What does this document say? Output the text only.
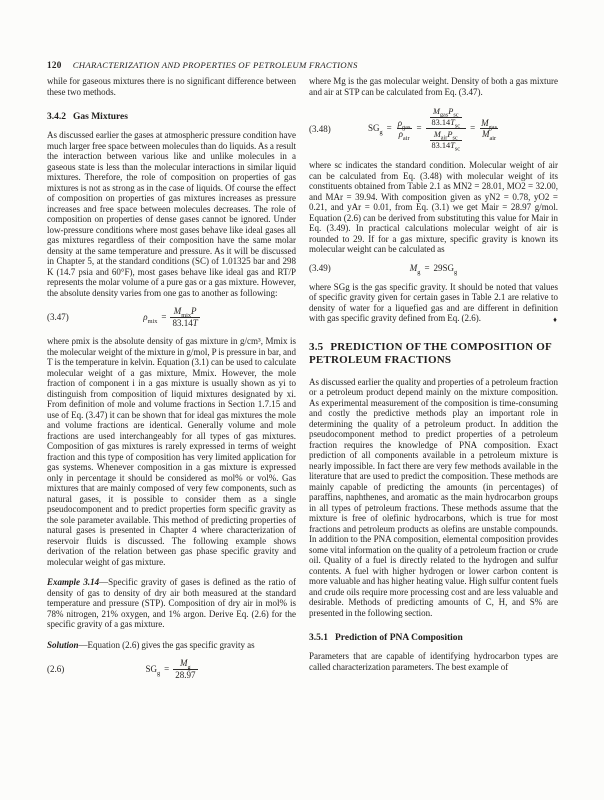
120 CHARACTERIZATION AND PROPERTIES OF PETROLEUM FRACTIONS

while for gaseous mixtures there is no significant difference between these two methods.

3.4.2 Gas Mixtures

As discussed earlier the gases at atmospheric pressure condition have much larger free space between molecules than do liquids. As a result the interaction between various like and unlike molecules in a gaseous state is less than the molecular interactions in similar liquid mixtures. Therefore, the role of composition on properties of gas mixtures is not as strong as in the case of liquids. Of course the effect of composition on properties of gas mixtures increases as pressure increases and free space between molecules decreases. The role of composition on properties of dense gases cannot be ignored. Under low-pressure conditions where most gases behave like ideal gases all gas mixtures regardless of their composition have the same molar density at the same temperature and pressure. As it will be discussed in Chapter 5, at the standard conditions (SC) of 1.01325 bar and 298 K (14.7 psia and 60°F), most gases behave like ideal gas and RT/P represents the molar volume of a pure gas or a gas mixture. However, the absolute density varies from one gas to another as following:

(3.47)	$\rho_{mix} = \frac{M_{mix}P}{83.14T}$

where ρmix is the absolute density of gas mixture in g/cm³, Mmix is the molecular weight of the mixture in g/mol, P is pressure in bar, and T is the temperature in kelvin. Equation (3.1) can be used to calculate molecular weight of a gas mixture, Mmix. However, the mole fraction of component i in a gas mixture is usually shown as yi to distinguish from composition of liquid mixtures designated by xi. From definition of mole and volume fractions in Section 1.7.15 and use of Eq. (3.47) it can be shown that for ideal gas mixtures the mole and volume fractions are identical. Generally volume and mole fractions are used interchangeably for all types of gas mixtures. Composition of gas mixtures is rarely expressed in terms of weight fraction and this type of composition has very limited application for gas systems. Whenever composition in a gas mixture is expressed only in percentage it should be considered as mol% or vol%. Gas mixtures that are mainly composed of very few components, such as natural gases, it is possible to consider them as a single pseudocomponent and to predict properties form specific gravity as the sole parameter available. This method of predicting properties of natural gases is presented in Chapter 4 where characterization of reservoir fluids is discussed. The following example shows derivation of the relation between gas phase specific gravity and molecular weight of gas mixture.

Example 3.14—Specific gravity of gases is defined as the ratio of density of gas to density of dry air both measured at the standard temperature and pressure (STP). Composition of dry air in mol% is 78% nitrogen, 21% oxygen, and 1% argon. Derive Eq. (2.6) for the specific gravity of a gas mixture.

Solution—Equation (2.6) gives the gas specific gravity as

(2.6)	$SG_g = \frac{M_g}{28.97}$

where Mg is the gas molecular weight. Density of both a gas mixture and air at STP can be calculated from Eq. (3.47).

(3.48)	$SG_g = \frac{\rho_{gas}}{\rho_{air}} = \frac{\frac{M_{gas}P_{sc}}{83.14T_{sc}}}{\frac{M_{air}P_{sc}}{83.14T_{sc}}} = \frac{M_{gas}}{M_{air}}$

where sc indicates the standard condition. Molecular weight of air can be calculated from Eq. (3.48) with molecular weight of its constituents obtained from Table 2.1 as MN2 = 28.01, MO2 = 32.00, and MAr = 39.94. With composition given as yN2 = 0.78, yO2 = 0.21, and yAr = 0.01, from Eq. (3.1) we get Mair = 28.97 g/mol. Equation (2.6) can be derived from substituting this value for Mair in Eq. (3.49). In practical calculations molecular weight of air is rounded to 29. If for a gas mixture, specific gravity is known its molecular weight can be calculated as

(3.49)	$M_g = 29SG_g$

where SGg is the gas specific gravity. It should be noted that values of specific gravity given for certain gases in Table 2.1 are relative to density of water for a liquefied gas and are different in definition with gas specific gravity defined from Eq. (2.6).	♦

3.5 PREDICTION OF THE COMPOSITION OF PETROLEUM FRACTIONS

As discussed earlier the quality and properties of a petroleum fraction or a petroleum product depend mainly on the mixture composition. As experimental measurement of the composition is time-consuming and costly the predictive methods play an important role in determining the quality of a petroleum product. In addition the pseudocomponent method to predict properties of a petroleum fraction requires the knowledge of PNA composition. Exact prediction of all components available in a petroleum mixture is nearly impossible. In fact there are very few methods available in the literature that are used to predict the composition. These methods are mainly capable of predicting the amounts (in percentages) of paraffins, naphthenes, and aromatic as the main hydrocarbon groups in all types of petroleum fractions. These methods assume that the mixture is free of olefinic hydrocarbons, which is true for most fractions and petroleum products as olefins are unstable compounds. In addition to the PNA composition, elemental composition provides some vital information on the quality of a petroleum fraction or crude oil. Quality of a fuel is directly related to the hydrogen and sulfur contents. A fuel with higher hydrogen or lower carbon content is more valuable and has higher heating value. High sulfur content fuels and crude oils require more processing cost and are less valuable and desirable. Methods of predicting amounts of C, H, and S% are presented in the following section.

3.5.1 Prediction of PNA Composition

Parameters that are capable of identifying hydrocarbon types are called characterization parameters. The best example of
